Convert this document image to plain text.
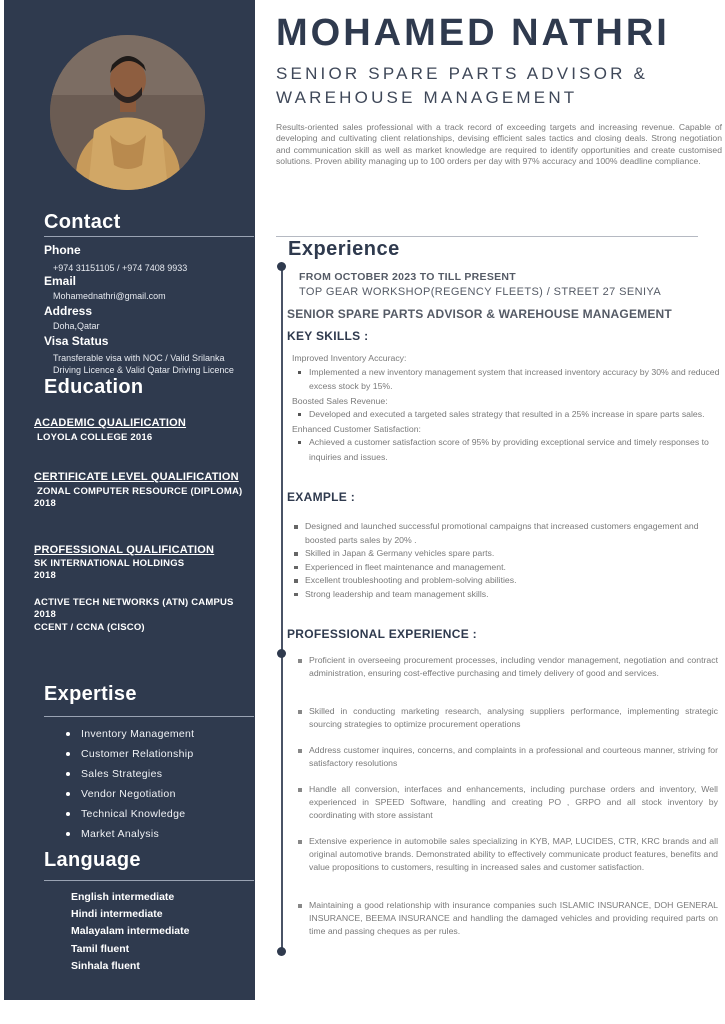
Contact
Phone
+974 31151105 / +974 7408 9933
Email
Mohamednathri@gmail.com
Address
Doha,Qatar
Visa Status
Transferable visa with NOC / Valid Srilanka
Driving Licence & Valid Qatar Driving Licence
Education
ACADEMIC QUALIFICATION
LOYOLA COLLEGE 2016
CERTIFICATE LEVEL QUALIFICATION
ZONAL COMPUTER RESOURCE (DIPLOMA)
2018
PROFESSIONAL QUALIFICATION
SK INTERNATIONAL HOLDINGS
2018
ACTIVE TECH NETWORKS (ATN) CAMPUS
2018
CCENT / CCNA (CISCO)
Expertise
Inventory Management
Customer Relationship
Sales Strategies
Vendor Negotiation
Technical Knowledge
Market Analysis
Language
English intermediate
Hindi intermediate
Malayalam intermediate
Tamil fluent
Sinhala fluent
MOHAMED NATHRI
SENIOR SPARE PARTS ADVISOR & WAREHOUSE MANAGEMENT
Results-oriented sales professional with a track record of exceeding targets and increasing revenue. Capable of developing and cultivating client relationships, devising efficient sales tactics and closing deals. Strong negotiation and communication skill as well as market knowledge are required to identify opportunities and create customised solutions. Proven ability managing up to 100 orders per day with 97% accuracy and 100% deadline compliance.
Experience
FROM OCTOBER 2023 TO TILL PRESENT
TOP GEAR WORKSHOP(REGENCY FLEETS) / STREET 27 SENIYA
SENIOR SPARE PARTS ADVISOR & WAREHOUSE MANAGEMENT
KEY SKILLS :
Improved Inventory Accuracy:
Implemented a new inventory management system that increased inventory accuracy by 30% and reduced excess stock by 15%.
Boosted Sales Revenue:
Developed and executed a targeted sales strategy that resulted in a 25% increase in spare parts sales.
Enhanced Customer Satisfaction:
Achieved a customer satisfaction score of 95% by providing exceptional service and timely responses to inquiries and issues.
EXAMPLE :
Designed and launched successful promotional campaigns that increased customers engagement and boosted parts sales by 20% .
Skilled in Japan & Germany vehicles spare parts.
Experienced in fleet maintenance and management.
Excellent troubleshooting and problem-solving abilities.
Strong leadership and team management skills.
PROFESSIONAL EXPERIENCE :
Proficient in overseeing procurement processes, including vendor management, negotiation and contract administration, ensuring cost-effective purchasing and timely delivery of good and services.
Skilled in conducting marketing research, analysing suppliers performance, implementing strategic sourcing strategies to optimize procurement operations
Address customer inquires, concerns, and complaints in a professional and courteous manner, striving for satisfactory resolutions
Handle all conversion, interfaces and enhancements, including purchase orders and inventory, Well experienced in SPEED Software, handling and creating PO , GRPO and all stock inventory by coordinating with store assistant
Extensive experience in automobile sales specializing in KYB, MAP, LUCIDES, CTR, KRC brands and all original automotive brands. Demonstrated ability to effectively communicate product features, benefits and value propositions to customers, resulting in increased sales and customer satisfaction.
Maintaining a good relationship with insurance companies such ISLAMIC INSURANCE, DOH GENERAL INSURANCE, BEEMA INSURANCE and handling the damaged vehicles and providing required parts on time and passing cheques as per rules.
